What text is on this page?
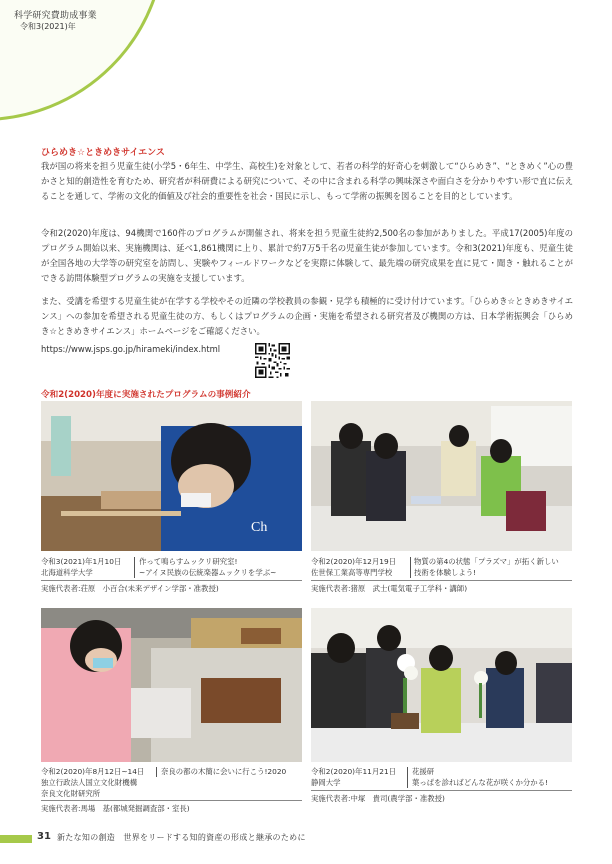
科学研究費助成事業
令和3(2021)年
ひらめき☆ときめきサイエンス

我が国の将来を担う児童生徒(小学5・6年生、中学生、高校生)を対象として、若者の科学的好奇心を刺激して“ひらめき”、“ときめく”心の豊かさと知的創造性を育むため、研究者が科研費による研究について、その中に含まれる科学の興味深さや面白さを分かりやすい形で直に伝えることを通して、学術の文化的価値及び社会的重要性を社会・国民に示し、もって学術の振興を図ることを目的としています。

令和2(2020)年度は、94機関で160件のプログラムが開催され、将来を担う児童生徒約2,500名の参加がありました。平成17(2005)年度のプログラム開始以来、実施機関は、延べ1,861機関に上り、累計で約7万5千名の児童生徒が参加しています。令和3(2021)年度も、児童生徒が全国各地の大学等の研究室を訪問し、実験やフィールドワークなどを実際に体験して、最先端の研究成果を直に見て・聞き・触れることができる訪問体験型プログラムの実施を支援しています。

また、受講を希望する児童生徒が在学する学校やその近隣の学校教員の参観・見学も積極的に受け付けています。「ひらめき☆ときめきサイエンス」への参加を希望される児童生徒の方、もしくはプログラムの企画・実施を希望される研究者及び機関の方は、日本学術振興会「ひらめき☆ときめきサイエンス」ホームページをご確認ください。

https://www.jsps.go.jp/hirameki/index.html
令和2(2020)年度に実施されたプログラムの事例紹介
Ch
令和3(2021)年1月10日
北海道科学大学
作って鳴らすムックリ研究室!
~アイヌ民族の伝統楽器ムックリを学ぶ~
実施代表者:荘原　小百合(未来デザイン学部・准教授)
令和2(2020)年12月19日
佐世保工業高等専門学校
物質の第4の状態「プラズマ」が拓く新しい
技術を体験しよう!
実施代表者:猪原　武士(電気電子工学科・講師)
令和2(2020)年8月12日~14日
独立行政法人国立文化財機構
奈良文化財研究所
奈良の都の木簡に会いに行こう!2020
実施代表者:馬場　基(都城発掘調査部・室長)
令和2(2020)年11月21日
静岡大学
花援研
葉っぱを診ればどんな花が咲くか分かる!
実施代表者:中塚　貴司(農学部・准教授)
31 新たな知の創造　世界をリードする知的資産の形成と継承のために
